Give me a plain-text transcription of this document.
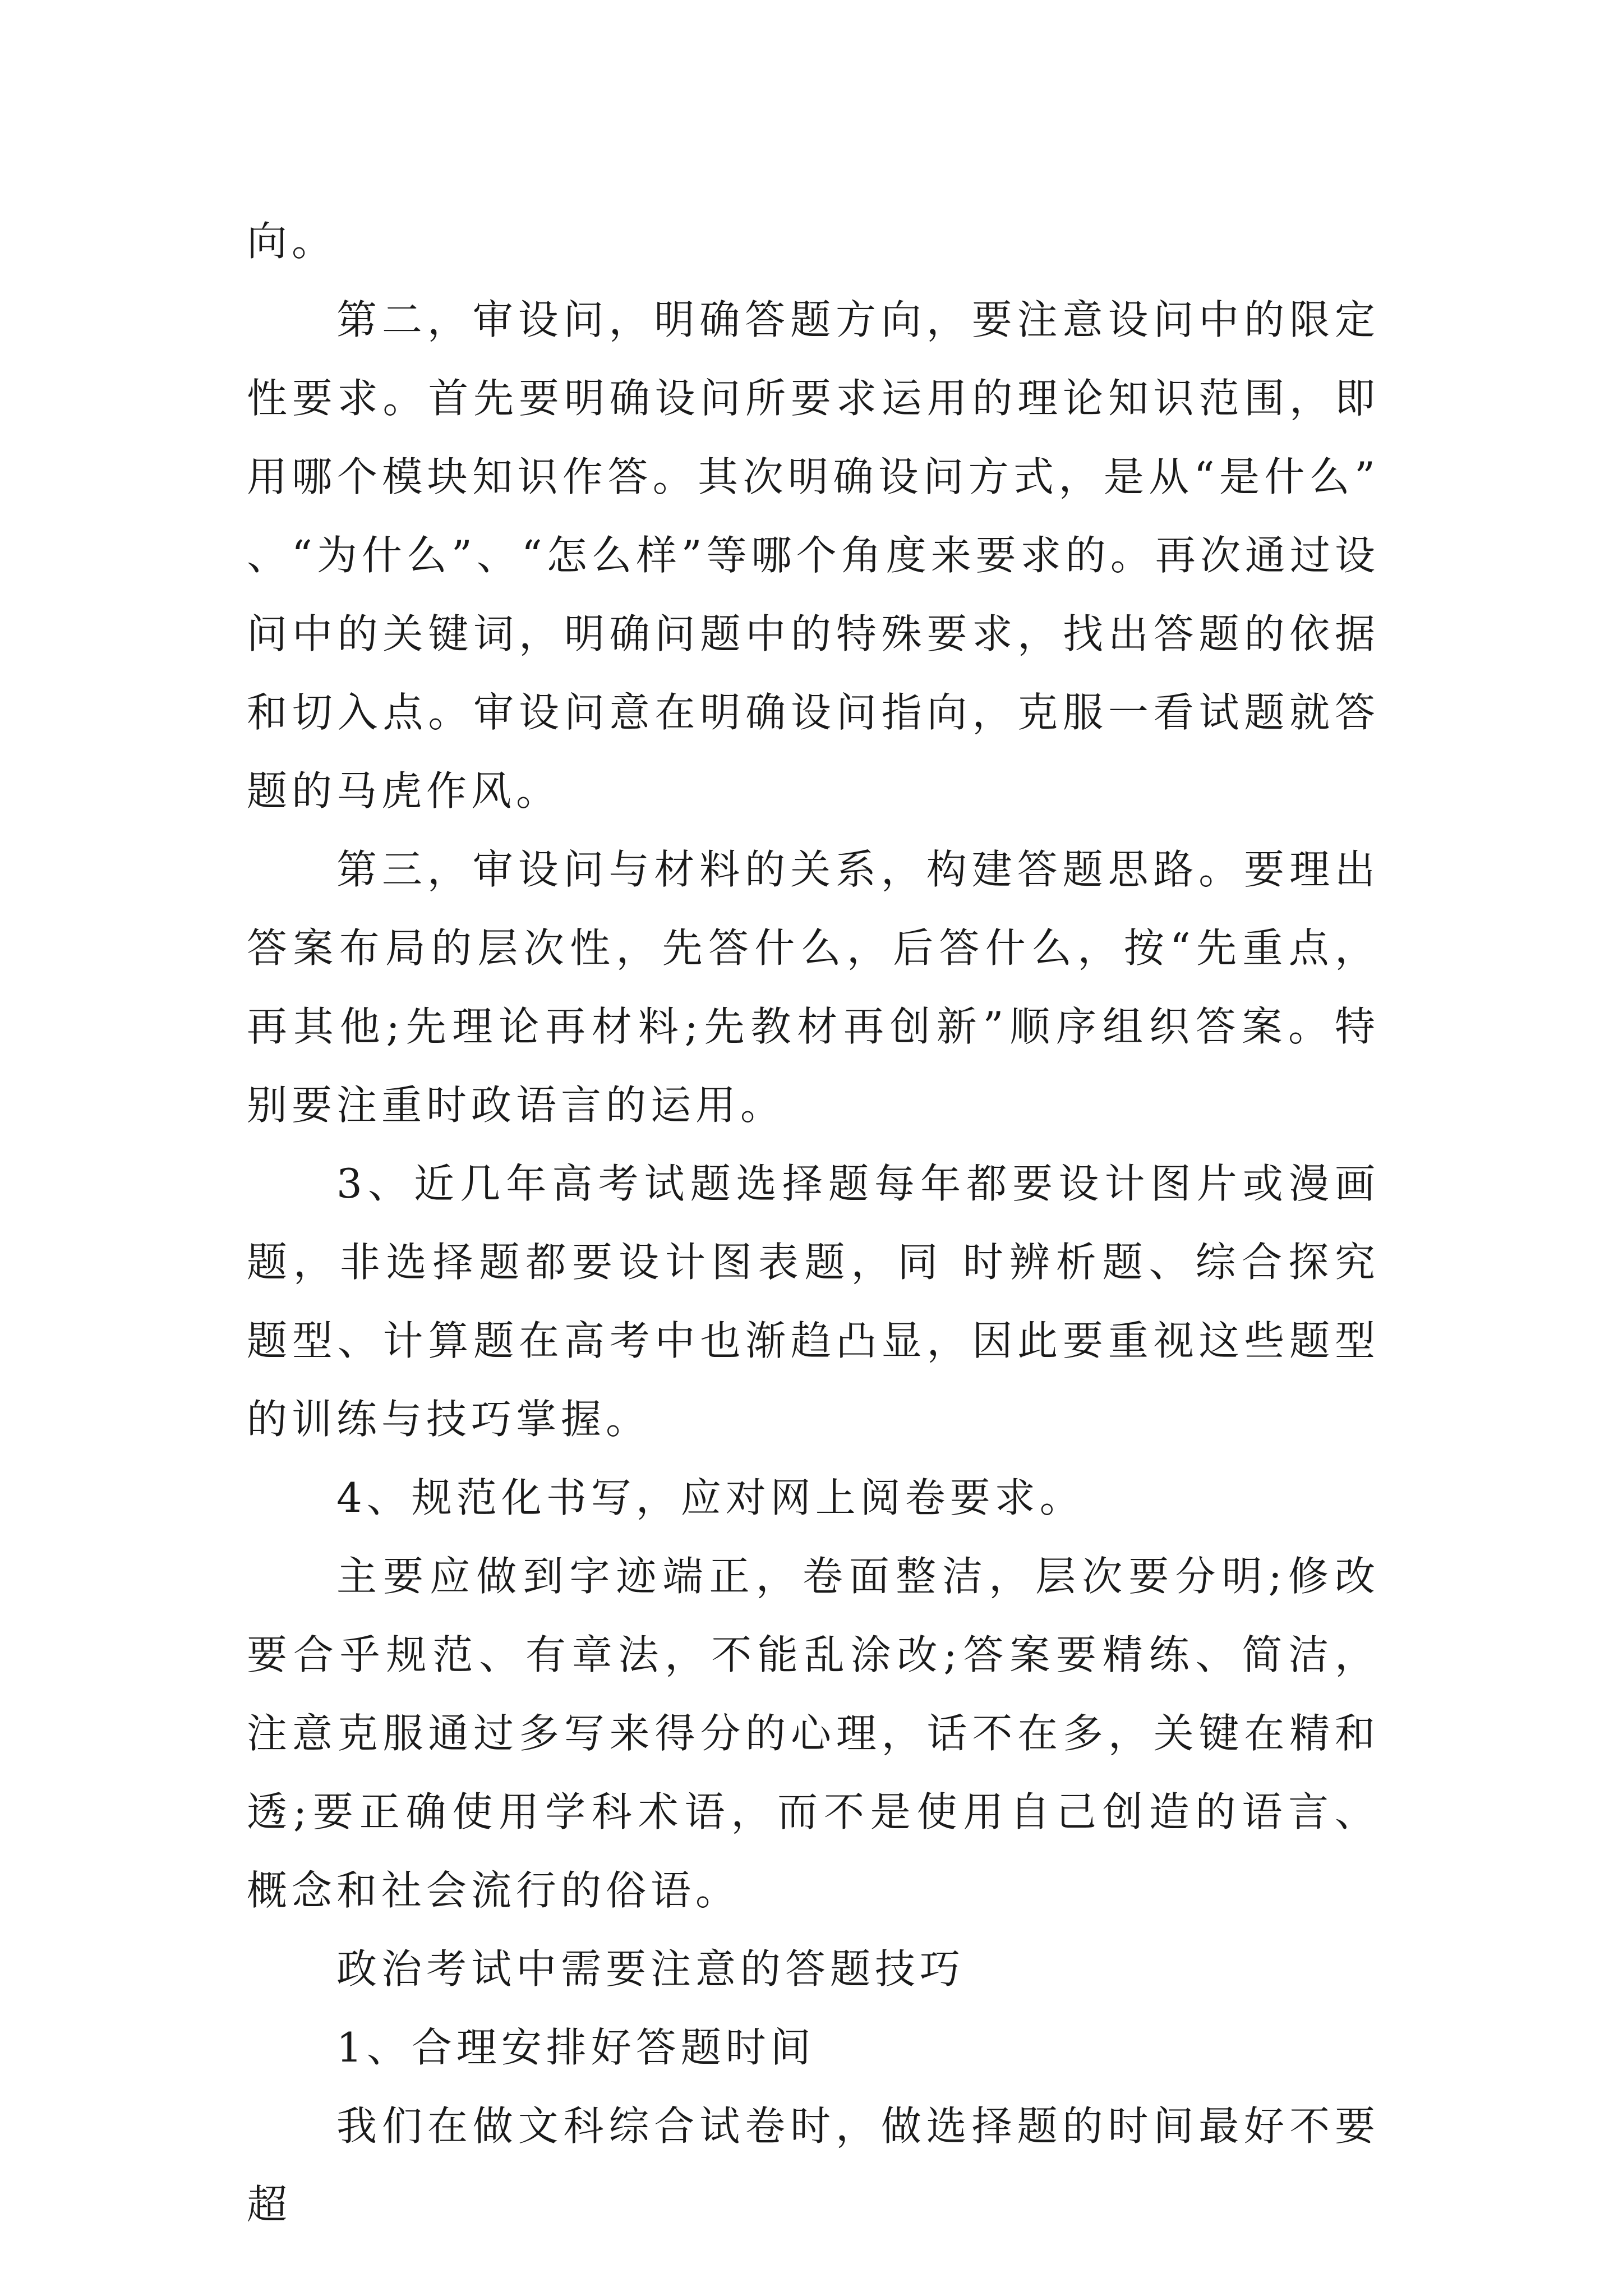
向。

第二，审设问，明确答题方向，要注意设问中的限定性要求。首先要明确设问所要求运用的理论知识范围，即用哪个模块知识作答。其次明确设问方式，是从“是什么”、“为什么”、“怎么样”等哪个角度来要求的。再次通过设问中的关键词，明确问题中的特殊要求，找出答题的依据和切入点。审设问意在明确设问指向，克服一看试题就答题的马虎作风。

第三，审设问与材料的关系，构建答题思路。要理出答案布局的层次性，先答什么，后答什么，按“先重点，再其他;先理论再材料;先教材再创新”顺序组织答案。特别要注重时政语言的运用。

3、近几年高考试题选择题每年都要设计图片或漫画题，非选择题都要设计图表题，同 时辨析题、综合探究题型、计算题在高考中也渐趋凸显，因此要重视这些题型的训练与技巧掌握。

4、规范化书写，应对网上阅卷要求。

主要应做到字迹端正，卷面整洁，层次要分明;修改要合乎规范、有章法，不能乱涂改;答案要精练、简洁，注意克服通过多写来得分的心理，话不在多，关键在精和透;要正确使用学科术语，而不是使用自己创造的语言、概念和社会流行的俗语。

政治考试中需要注意的答题技巧

1、合理安排好答题时间

我们在做文科综合试卷时，做选择题的时间最好不要超
